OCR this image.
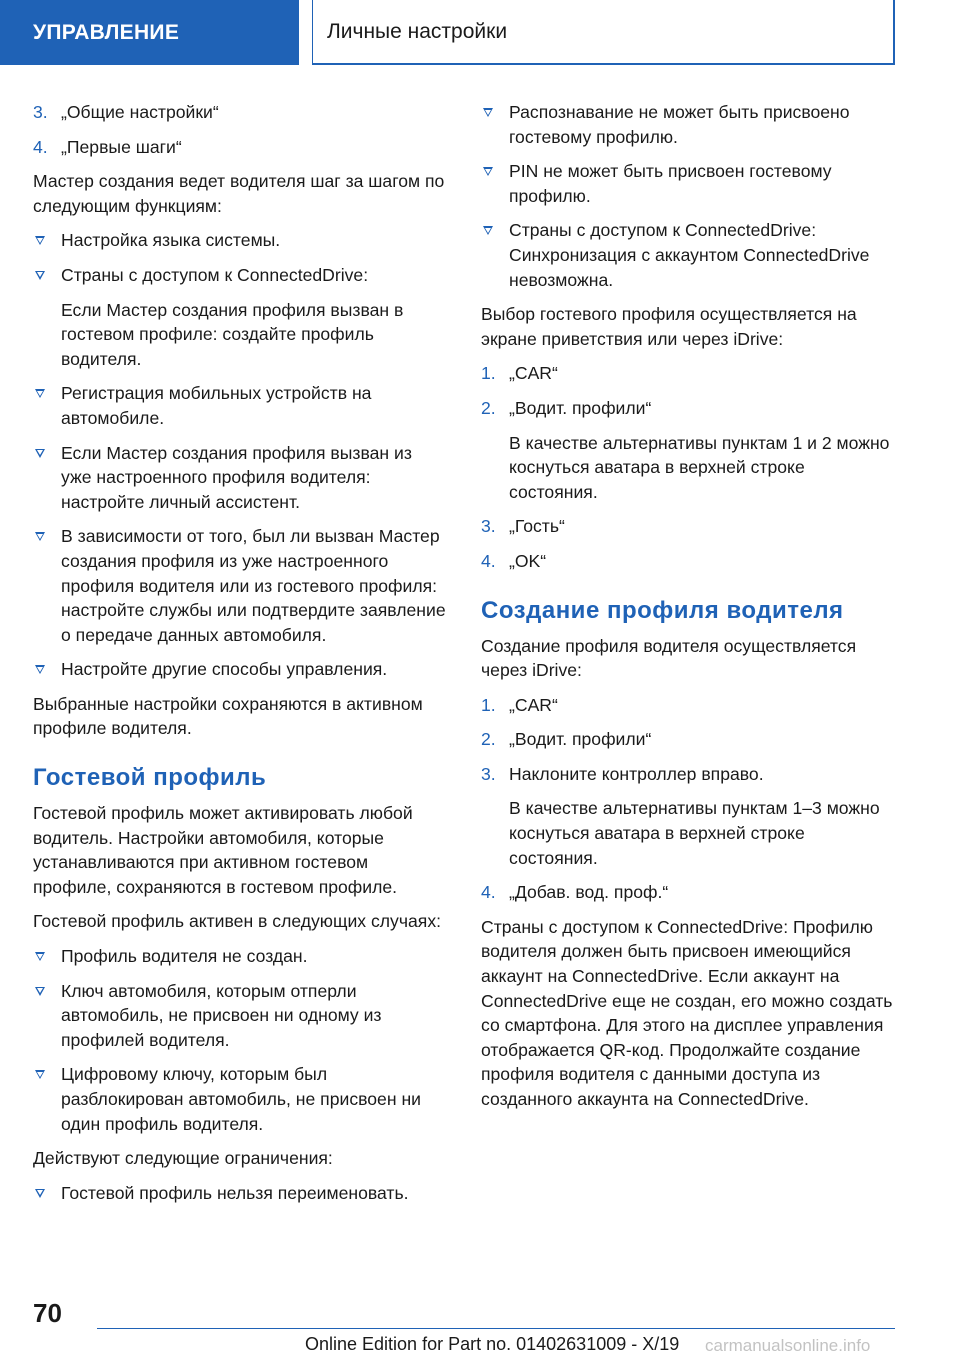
УПРАВЛЕНИЕ	Личные настройки
3. „Общие настройки“
4. „Первые шаги“

Мастер создания ведет водителя шаг за шагом по следующим функциям:

Настройка языка системы.
Страны с доступом к ConnectedDrive:
Если Мастер создания профиля вызван в гостевом профиле: создайте профиль водителя.
Регистрация мобильных устройств на автомобиле.
Если Мастер создания профиля вызван из уже настроенного профиля водителя: настройте личный ассистент.
В зависимости от того, был ли вызван Мастер создания профиля из уже настроенного профиля водителя или из гостевого профиля: настройте службы или подтвердите заявление о передаче данных автомобиля.
Настройте другие способы управления.

Выбранные настройки сохраняются в активном профиле водителя.

Гостевой профиль

Гостевой профиль может активировать любой водитель. Настройки автомобиля, которые устанавливаются при активном гостевом профиле, сохраняются в гостевом профиле.

Гостевой профиль активен в следующих случаях:

Профиль водителя не создан.
Ключ автомобиля, которым отперли автомобиль, не присвоен ни одному из профилей водителя.
Цифровому ключу, которым был разблокирован автомобиль, не присвоен ни один профиль водителя.

Действуют следующие ограничения:

Гостевой профиль нельзя переименовать.
Распознавание не может быть присвоено гостевому профилю.
PIN не может быть присвоен гостевому профилю.
Страны с доступом к ConnectedDrive: Синхронизация с аккаунтом ConnectedDrive невозможна.

Выбор гостевого профиля осуществляется на экране приветствия или через iDrive:

1. „CAR“
2. „Водит. профили“
В качестве альтернативы пунктам 1 и 2 можно коснуться аватара в верхней строке состояния.
3. „Гость“
4. „OK“
Создание профиля водителя

Создание профиля водителя осуществляется через iDrive:

1. „CAR“
2. „Водит. профили“
3. Наклоните контроллер вправо.
В качестве альтернативы пунктам 1–3 можно коснуться аватара в верхней строке состояния.
4. „Добав. вод. проф.“

Страны с доступом к ConnectedDrive: Профилю водителя должен быть присвоен имеющийся аккаунт на ConnectedDrive. Если аккаунт на ConnectedDrive еще не создан, его можно создать со смартфона. Для этого на дисплее управления отображается QR-код. Продолжайте создание профиля водителя с данными доступа из созданного аккаунта на ConnectedDrive.

70
Online Edition for Part no. 01402631009 - X/19 carmanualsonline.info
